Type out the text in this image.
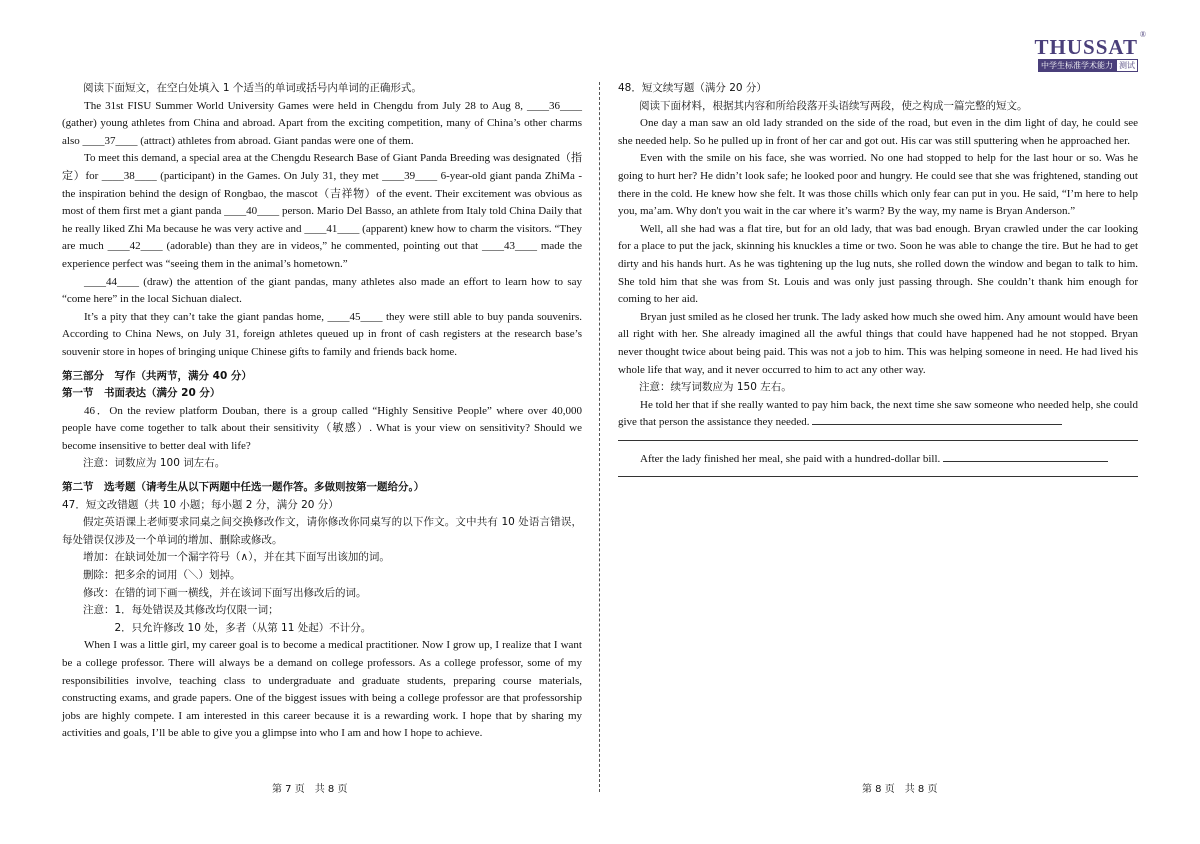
®
THUSSAT
中学生标准学术能力 测试

阅读下面短文，在空白处填入 1 个适当的单词或括号内单词的正确形式。

The 31st FISU Summer World University Games were held in Chengdu from July 28 to Aug 8, ____36____ (gather) young athletes from China and abroad. Apart from the exciting competition, many of China’s other charms also ____37____ (attract) athletes from abroad. Giant pandas were one of them.

To meet this demand, a special area at the Chengdu Research Base of Giant Panda Breeding was designated（指定）for ____38____ (participant) in the Games. On July 31, they met ____39____ 6-year-old giant panda ZhiMa - the inspiration behind the design of Rongbao, the mascot（吉祥物）of the event. Their excitement was obvious as most of them first met a giant panda ____40____ person. Mario Del Basso, an athlete from Italy told China Daily that he really liked Zhi Ma because he was very active and ____41____ (apparent) knew how to charm the visitors. “They are much ____42____ (adorable) than they are in videos,” he commented, pointing out that ____43____ made the experience perfect was “seeing them in the animal’s hometown.”

____44____ (draw) the attention of the giant pandas, many athletes also made an effort to learn how to say “come here” in the local Sichuan dialect.

It’s a pity that they can’t take the giant pandas home, ____45____ they were still able to buy panda souvenirs. According to China News, on July 31, foreign athletes queued up in front of cash registers at the research base’s souvenir store in hopes of bringing unique Chinese gifts to family and friends back home.

第三部分　写作（共两节，满分 40 分）

第一节　书面表达（满分 20 分）

46．On the review platform Douban, there is a group called “Highly Sensitive People” where over 40,000 people have come together to talk about their sensitivity（敏感）. What is your view on sensitivity? Should we become insensitive to better deal with life?

注意：词数应为 100 词左右。

第二节　选考题（请考生从以下两题中任选一题作答。多做则按第一题给分。）

47．短文改错题（共 10 小题；每小题 2 分，满分 20 分）

假定英语课上老师要求同桌之间交换修改作文，请你修改你同桌写的以下作文。文中共有 10 处语言错误，每处错误仅涉及一个单词的增加、删除或修改。

增加：在缺词处加一个漏字符号（∧），并在其下面写出该加的词。

删除：把多余的词用（＼）划掉。

修改：在错的词下画一横线，并在该词下面写出修改后的词。

注意：1．每处错误及其修改均仅限一词；

2．只允许修改 10 处，多者（从第 11 处起）不计分。

When I was a little girl, my career goal is to become a medical practitioner. Now I grow up, I realize that I want be a college professor. There will always be a demand on college professors. As a college professor, some of my responsibilities involve, teaching class to undergraduate and graduate students, preparing course materials, constructing exams, and grade papers. One of the biggest issues with being a college professor are that professorship jobs are highly compete. I am interested in this career because it is a rewarding work. I hope that by sharing my activities and goals, I’ll be able to give you a glimpse into who I am and how I hope to achieve.

48．短文续写题（满分 20 分）

阅读下面材料，根据其内容和所给段落开头语续写两段，使之构成一篇完整的短文。

One day a man saw an old lady stranded on the side of the road, but even in the dim light of day, he could see she needed help. So he pulled up in front of her car and got out. His car was still sputtering when he approached her.

Even with the smile on his face, she was worried. No one had stopped to help for the last hour or so. Was he going to hurt her? He didn’t look safe; he looked poor and hungry. He could see that she was frightened, standing out there in the cold. He knew how she felt. It was those chills which only fear can put in you. He said, “I’m here to help you, ma’am. Why don't you wait in the car where it’s warm? By the way, my name is Bryan Anderson.”

Well, all she had was a flat tire, but for an old lady, that was bad enough. Bryan crawled under the car looking for a place to put the jack, skinning his knuckles a time or two. Soon he was able to change the tire. But he had to get dirty and his hands hurt. As he was tightening up the lug nuts, she rolled down the window and began to talk to him. She told him that she was from St. Louis and was only just passing through. She couldn’t thank him enough for coming to her aid.

Bryan just smiled as he closed her trunk. The lady asked how much she owed him. Any amount would have been all right with her. She already imagined all the awful things that could have happened had he not stopped. Bryan never thought twice about being paid. This was not a job to him. This was helping someone in need. He had lived his whole life that way, and it never occurred to him to act any other way.

注意：续写词数应为 150 左右。

He told her that if she really wanted to pay him back, the next time she saw someone who needed help, she could give that person the assistance they needed.

After the lady finished her meal, she paid with a hundred-dollar bill.

第 7 页　共 8 页	第 8 页　共 8 页
